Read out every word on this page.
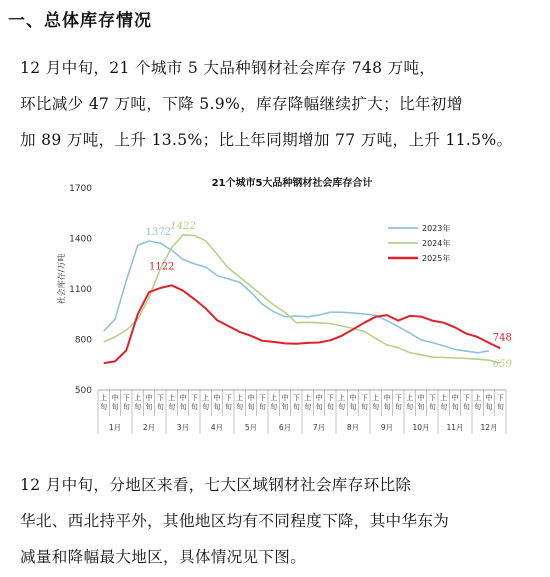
一、总体库存情况
12 月中旬，21 个城市 5 大品种钢材社会库存 748 万吨，
环比减少 47 万吨，下降 5.9%，库存降幅继续扩大；比年初增
加 89 万吨，上升 13.5%；比上年同期增加 77 万吨，上升 11.5%。
21个城市5大品种钢材社会库存合计
1700
1400
1100
800
500
社会库存/万吨
上
旬
中
旬
下
旬
上
旬
中
旬
下
旬
上
旬
中
旬
下
旬
上
旬
中
旬
下
旬
上
旬
中
旬
下
旬
上
旬
中
旬
下
旬
上
旬
中
旬
下
旬
上
旬
中
旬
下
旬
上
旬
中
旬
下
旬
上
旬
中
旬
下
旬
上
旬
中
旬
下
旬
上
旬
中
旬
下
旬
1月	2月	3月	4月	5月	6月	7月	8月	9月	10月 11月 12月
2023年
2024年
2025年
1372
1422
1122
748
659
12 月中旬，分地区来看，七大区域钢材社会库存环比除
华北、西北持平外，其他地区均有不同程度下降，其中华东为
减量和降幅最大地区，具体情况见下图。
